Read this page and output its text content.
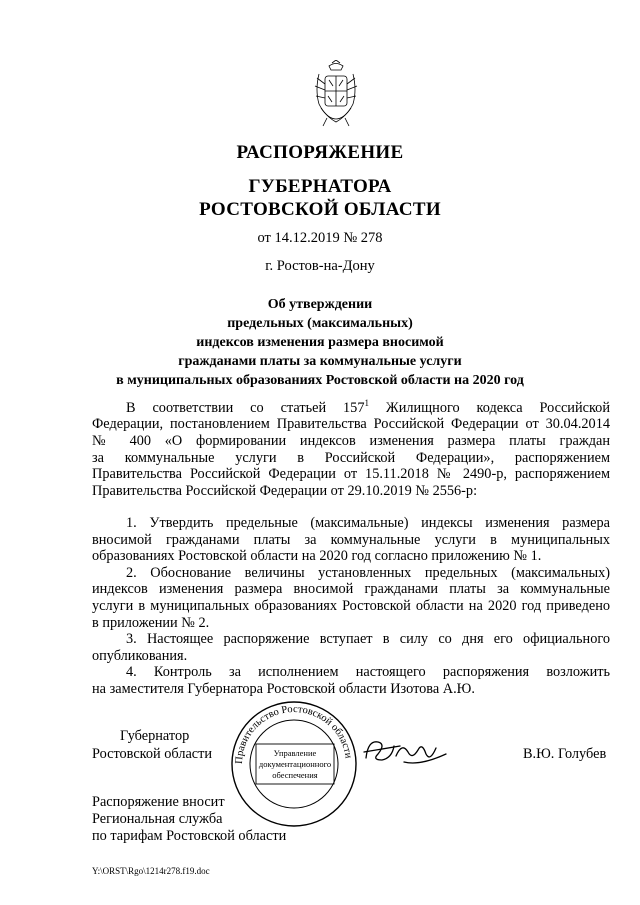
РАСПОРЯЖЕНИЕ
ГУБЕРНАТОРА
РОСТОВСКОЙ ОБЛАСТИ
от 14.12.2019 № 278
г. Ростов-на-Дону
Об утверждении
предельных (максимальных)
индексов изменения размера вносимой
гражданами платы за коммунальные услуги
в муниципальных образованиях Ростовской области на 2020 год
В соответствии со статьей $157^1$ Жилищного кодекса Российской
Федерации, постановлением Правительства Российской Федерации от 30.04.2014
№ 400 «О формировании индексов изменения размера платы граждан
за коммунальные услуги в Российской Федерации», распоряжением
Правительства Российской Федерации от 15.11.2018 № 2490-р, распоряжением
Правительства Российской Федерации от 29.10.2019 № 2556-р:
1. Утвердить предельные (максимальные) индексы изменения размера
вносимой гражданами платы за коммунальные услуги в муниципальных
образованиях Ростовской области на 2020 год согласно приложению № 1.
2. Обоснование величины установленных предельных (максимальных)
индексов изменения размера вносимой гражданами платы за коммунальные
услуги в муниципальных образованиях Ростовской области на 2020 год приведено
в приложении № 2.
3. Настоящее распоряжение вступает в силу со дня его официального
опубликования.
4. Контроль за исполнением настоящего распоряжения возложить
на заместителя Губернатора Ростовской области Изотова А.Ю.
Губернатор
Ростовской области	В.Ю. Голубев
Правительство Ростовской области
Управление
документационного
обеспечения
Распоряжение вносит
Региональная служба
по тарифам Ростовской области
Y:\ORST\Rgo\1214r278.f19.doc
